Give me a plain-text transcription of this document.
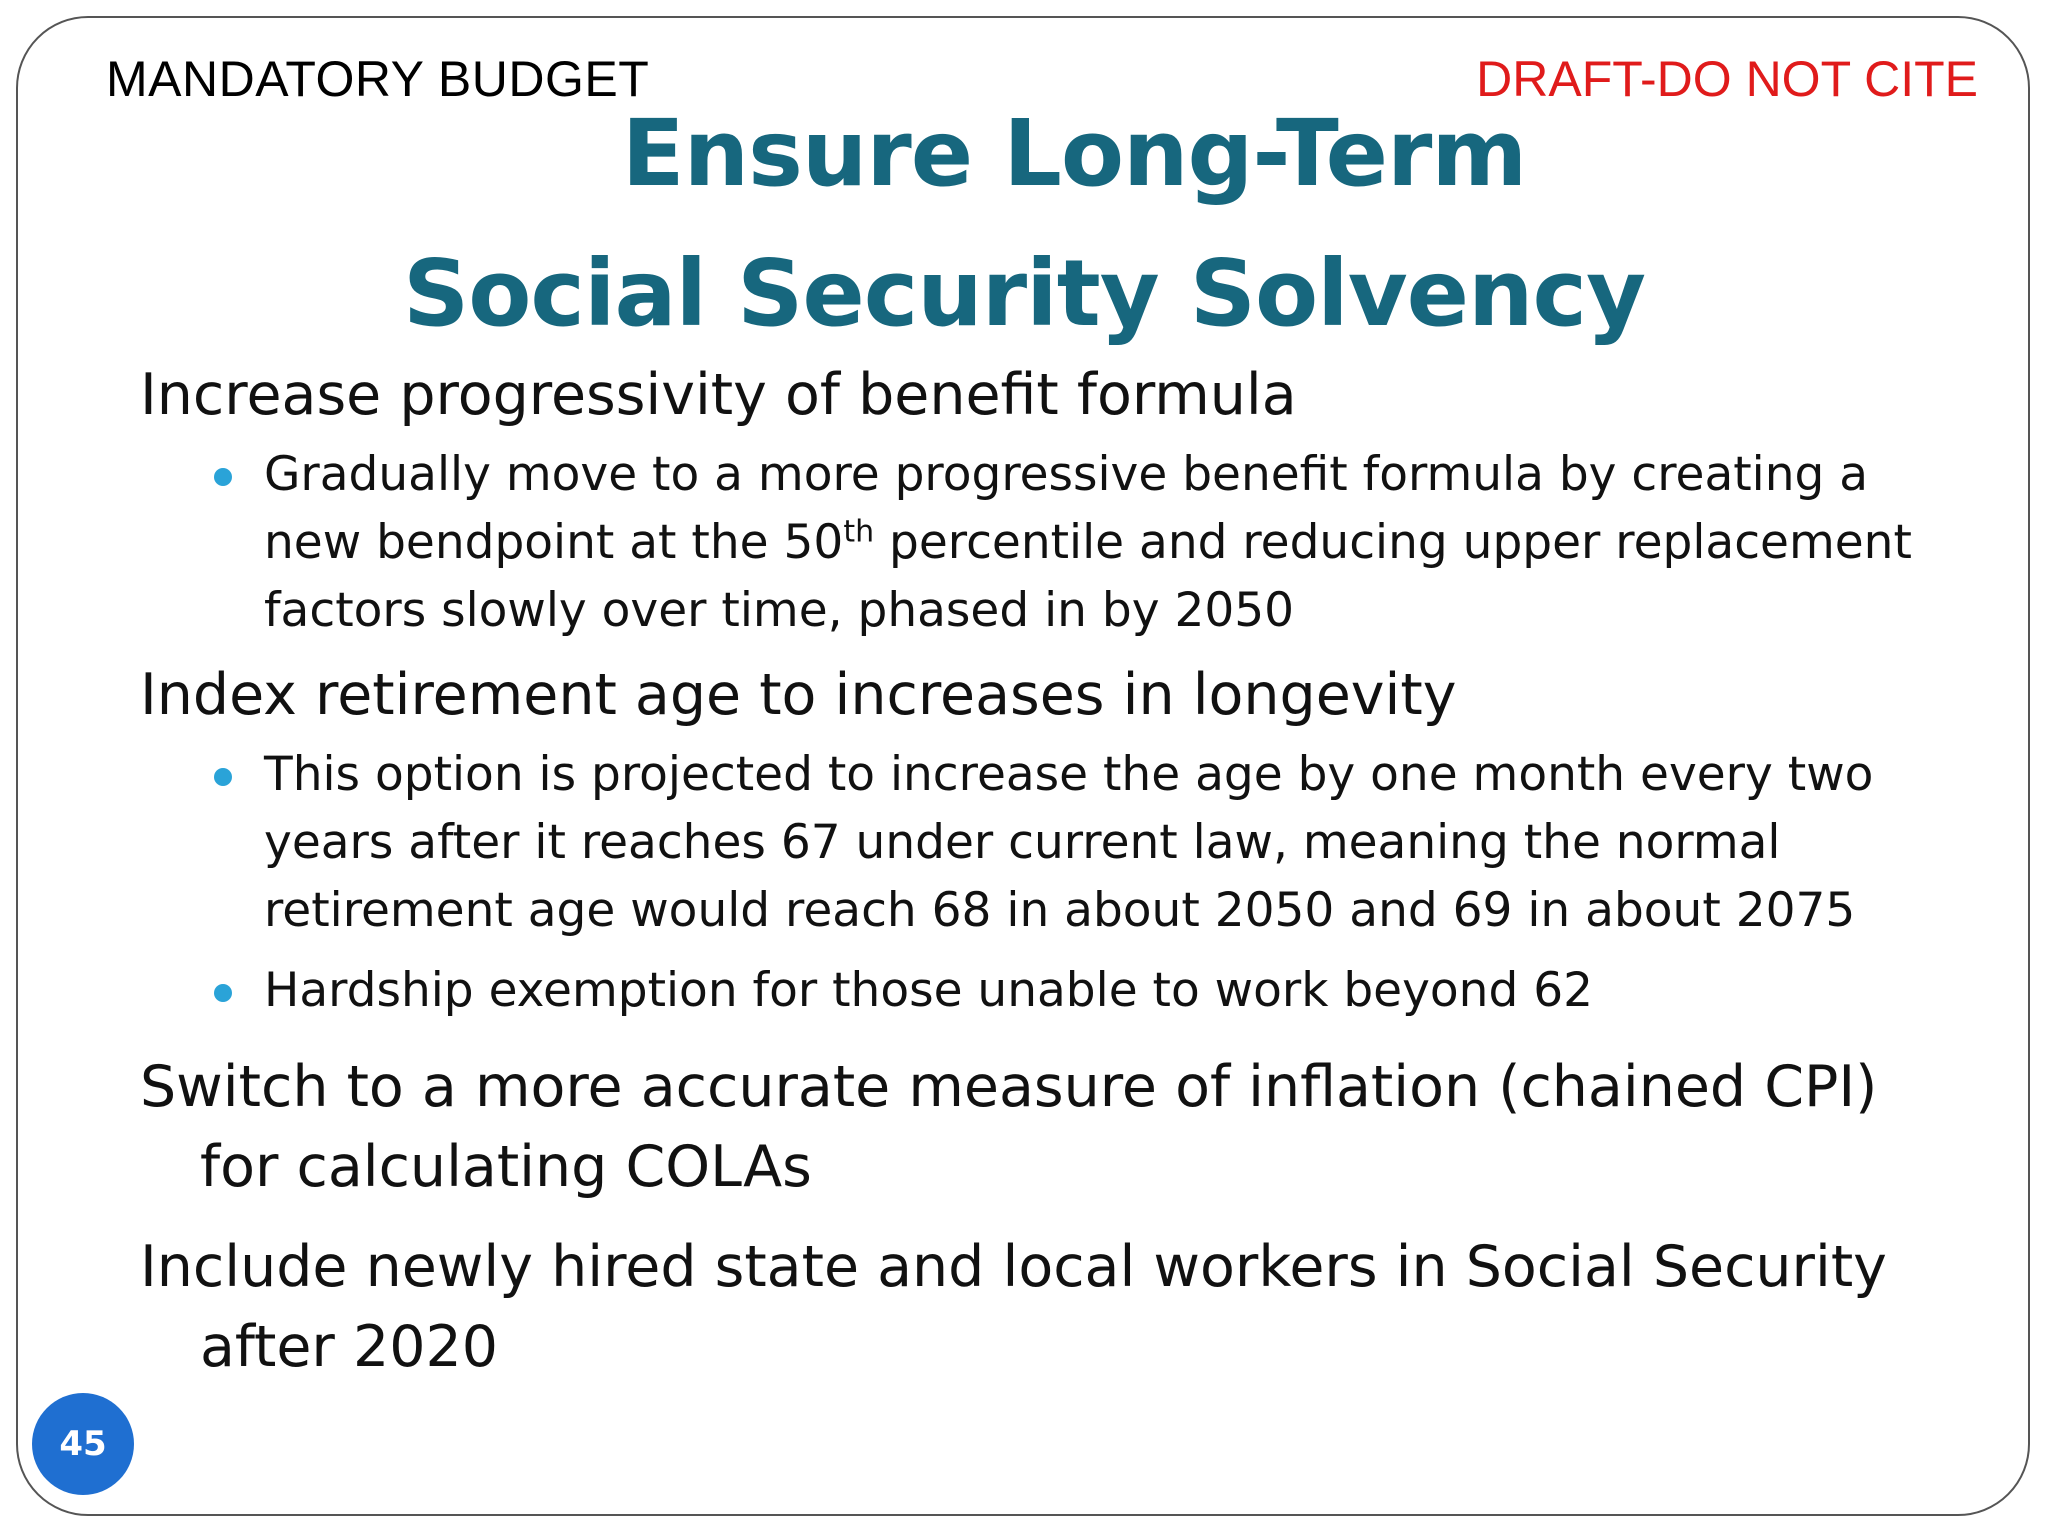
MANDATORY BUDGET	DRAFT-DO NOT CITE
Ensure Long-Term
Social Security Solvency

Increase progressivity of benefit formula

Gradually move to a more progressive benefit formula by creating a new bendpoint at the 50th percentile and reducing upper replacement factors slowly over time, phased in by 2050

Index retirement age to increases in longevity

This option is projected to increase the age by one month every two years after it reaches 67 under current law, meaning the normal retirement age would reach 68 in about 2050 and 69 in about 2075

Hardship exemption for those unable to work beyond 62

Switch to a more accurate measure of inflation (chained CPI) for calculating COLAs

Include newly hired state and local workers in Social Security after 2020

45
